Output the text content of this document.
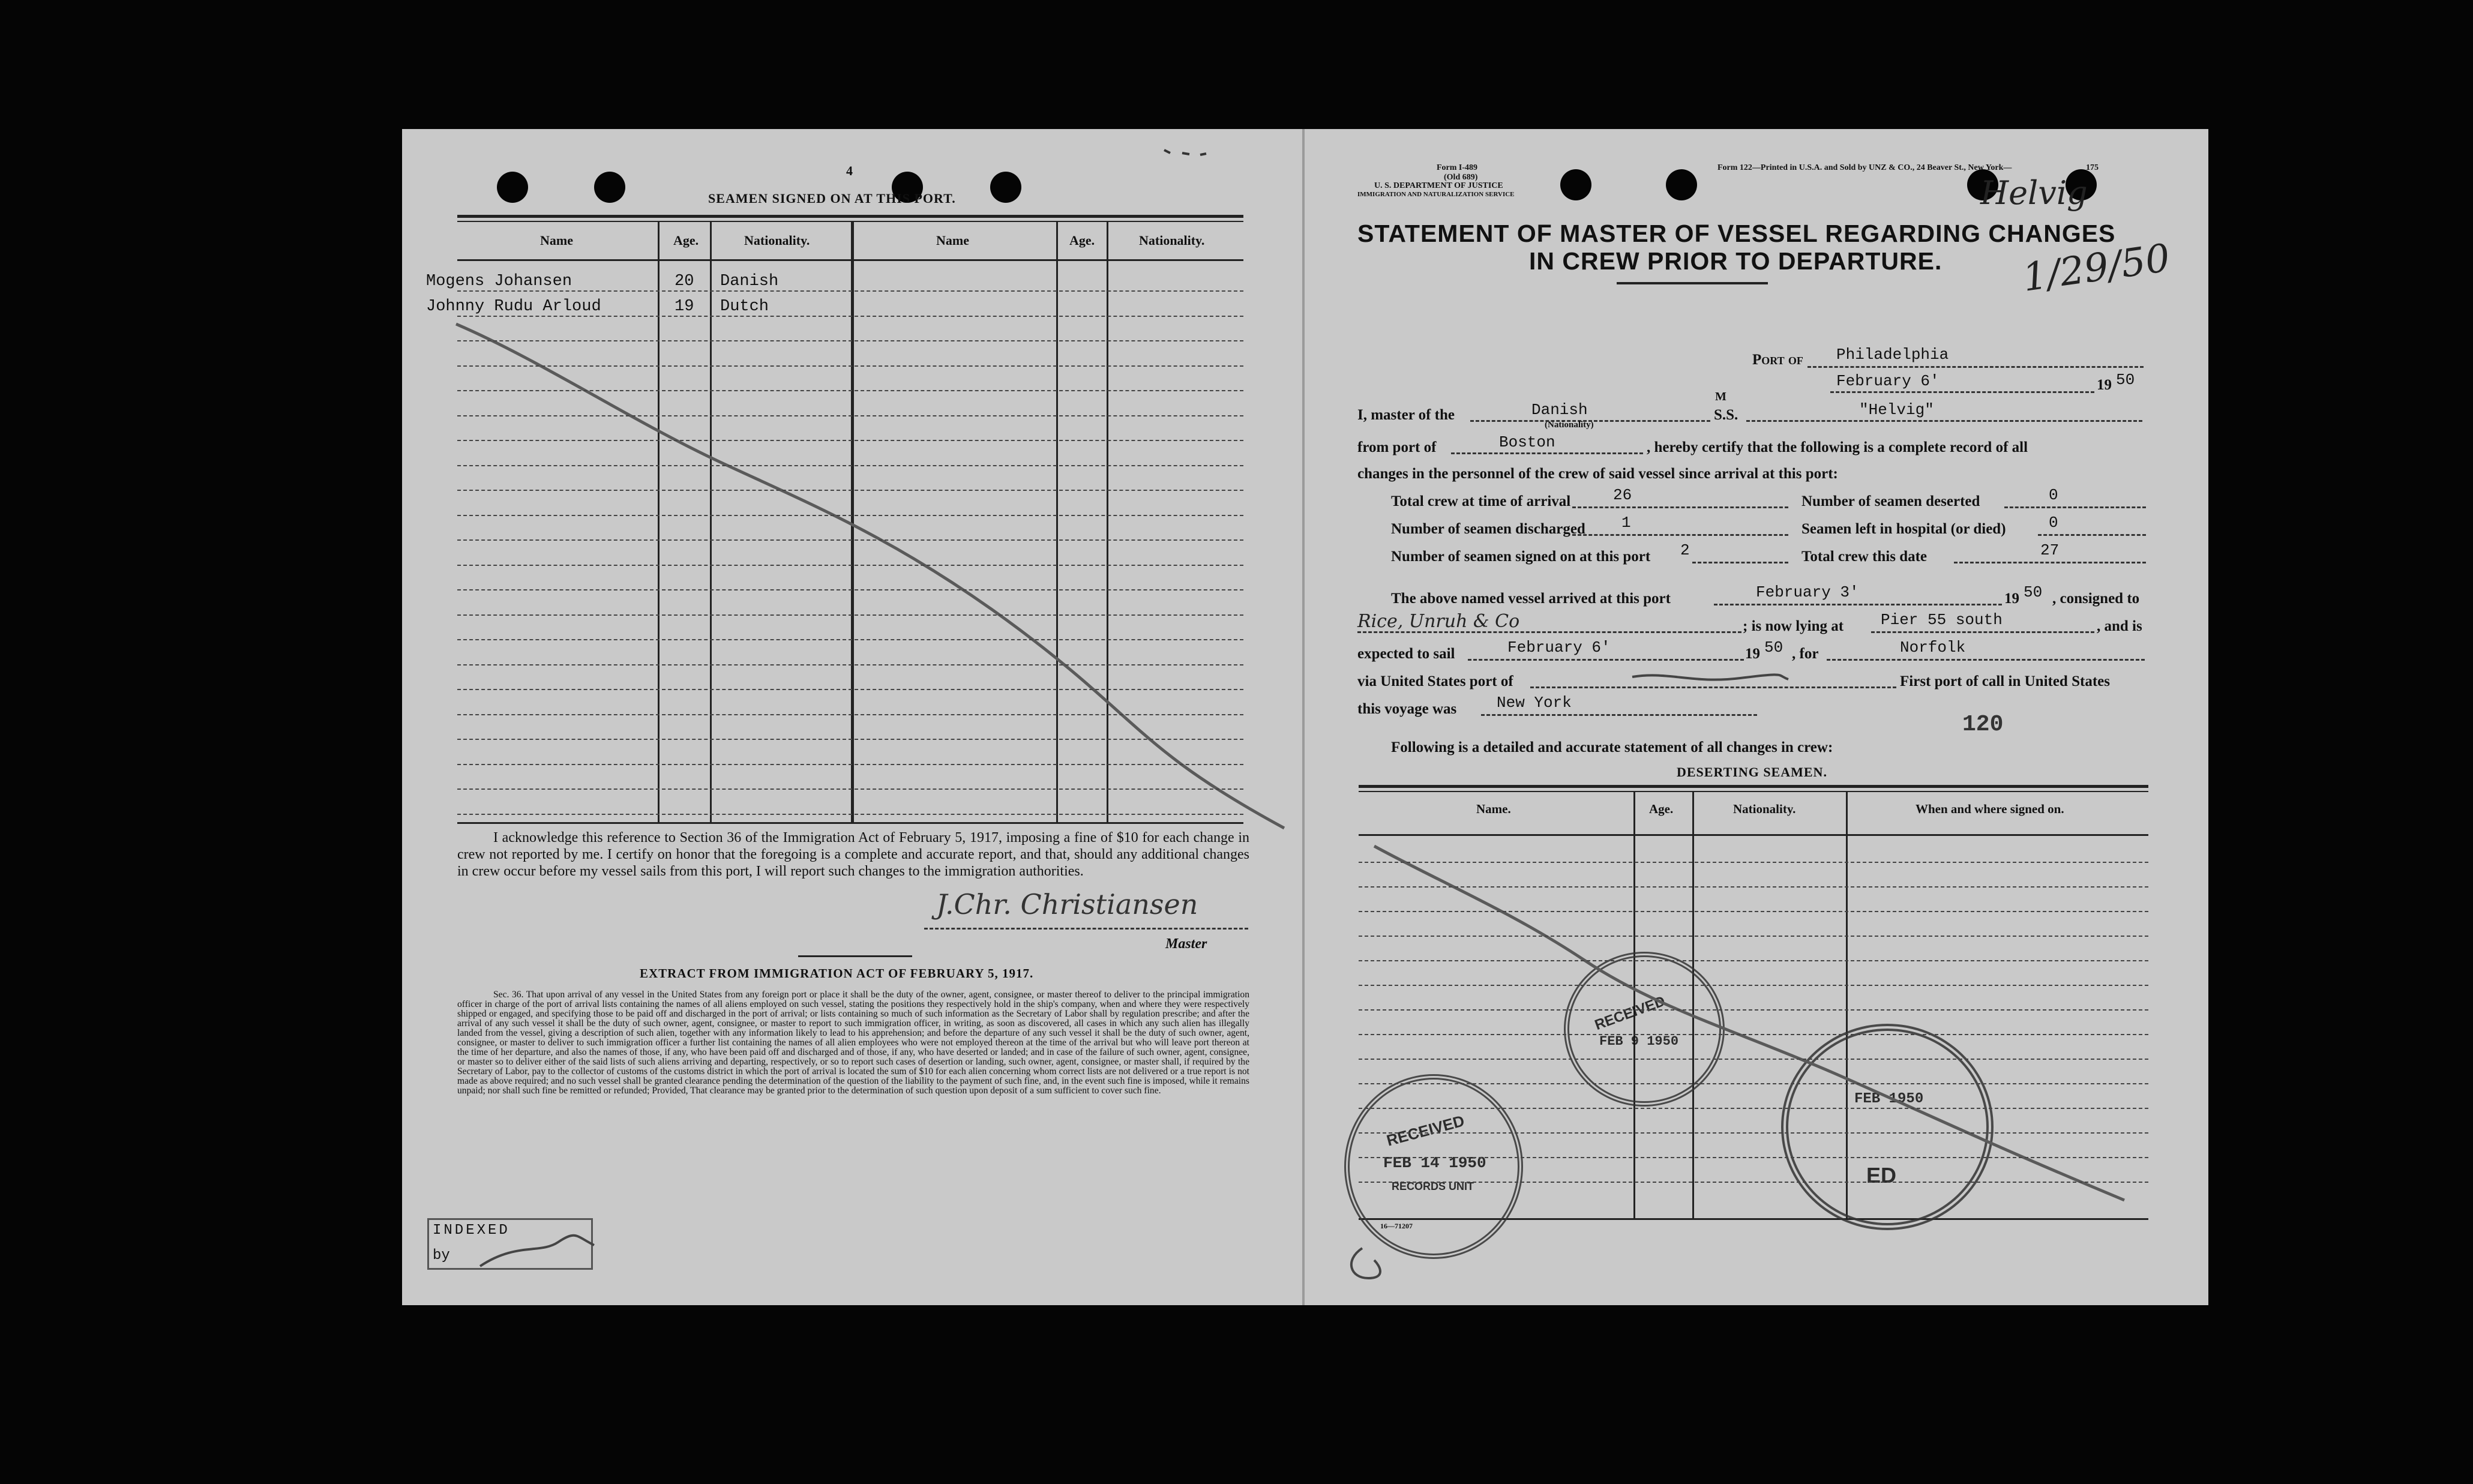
4
SEAMEN SIGNED ON AT THIS PORT.
Name	Age.	Nationality.	Name	Age.	Nationality.
Mogens Johansen	20 Danish
Johnny Rudu Arloud	19 Dutch
I acknowledge this reference to Section 36 of the Immigration Act of February 5, 1917, imposing a fine of $10 for each change in crew not reported by me. I certify on honor that the foregoing is a complete and accurate report, and that, should any additional changes in crew occur before my vessel sails from this port, I will report such changes to the immigration authorities.
J.Chr. Christiansen
Master
EXTRACT FROM IMMIGRATION ACT OF FEBRUARY 5, 1917.
Sec. 36. That upon arrival of any vessel in the United States from any foreign port or place it shall be the duty of the owner, agent, consignee, or master thereof to deliver to the principal immigration officer in charge of the port of arrival lists containing the names of all aliens employed on such vessel, stating the positions they respectively hold in the ship's company, when and where they were respectively shipped or engaged, and specifying those to be paid off and discharged in the port of arrival; or lists containing so much of such information as the Secretary of Labor shall by regulation prescribe; and after the arrival of any such vessel it shall be the duty of such owner, agent, consignee, or master to report to such immigration officer, in writing, as soon as discovered, all cases in which any such alien has illegally landed from the vessel, giving a description of such alien, together with any information likely to lead to his apprehension; and before the departure of any such vessel it shall be the duty of such owner, agent, consignee, or master to deliver to such immigration officer a further list containing the names of all alien employees who were not employed thereon at the time of the arrival but who will leave port thereon at the time of her departure, and also the names of those, if any, who have been paid off and discharged and of those, if any, who have deserted or landed; and in case of the failure of such owner, agent, consignee, or master so to deliver either of the said lists of such aliens arriving and departing, respectively, or so to report such cases of desertion or landing, such owner, agent, consignee, or master shall, if required by the Secretary of Labor, pay to the collector of customs of the customs district in which the port of arrival is located the sum of $10 for each alien concerning whom correct lists are not delivered or a true report is not made as above required; and no such vessel shall be granted clearance pending the determination of the question of the liability to the payment of such fine, and, in the event such fine is imposed, while it remains unpaid; nor shall such fine be remitted or refunded; Provided, That clearance may be granted prior to the determination of such question upon deposit of a sum sufficient to cover such fine.
INDEXED
by
Form I-489
(Old 689)
U. S. DEPARTMENT OF JUSTICE
IMMIGRATION AND NATURALIZATION SERVICE
Form 122—Printed in U.S.A. and Sold by UNZ & CO., 24 Beaver St., New York—	175
Helvig
1/29/50
STATEMENT OF MASTER OF VESSEL REGARDING CHANGES
IN CREW PRIOR TO DEPARTURE.
Port of Philadelphia
February 6'	19 50
I, master of the	Danish
(Nationality)
M
S.S.	"Helvig"
from port of	Boston	, hereby certify that the following is a complete record of all
changes in the personnel of the crew of said vessel since arrival at this port:
Total crew at time of arrival	26	Number of seamen deserted	0
Number of seamen discharged 1	Seamen left in hospital (or died)	0
Number of seamen signed on at this port 2	Total crew this date	27
The above named vessel arrived at this port	February 3'	19 50 , consigned to
Rice, Unruh & Co	; is now lying at Pier 55 south	, and is
expected to sail	February 6'	19 50 , for	Norfolk
via United States port of	First port of call in United States
this voyage was	New York
120
Following is a detailed and accurate statement of all changes in crew:
DESERTING SEAMEN.
Name.	Age.	Nationality.	When and where signed on.
16—71207
RECEIVED
FEB 9 1950
RECEIVED
FEB 14 1950
RECORDS UNIT
FEB 1950
ED
